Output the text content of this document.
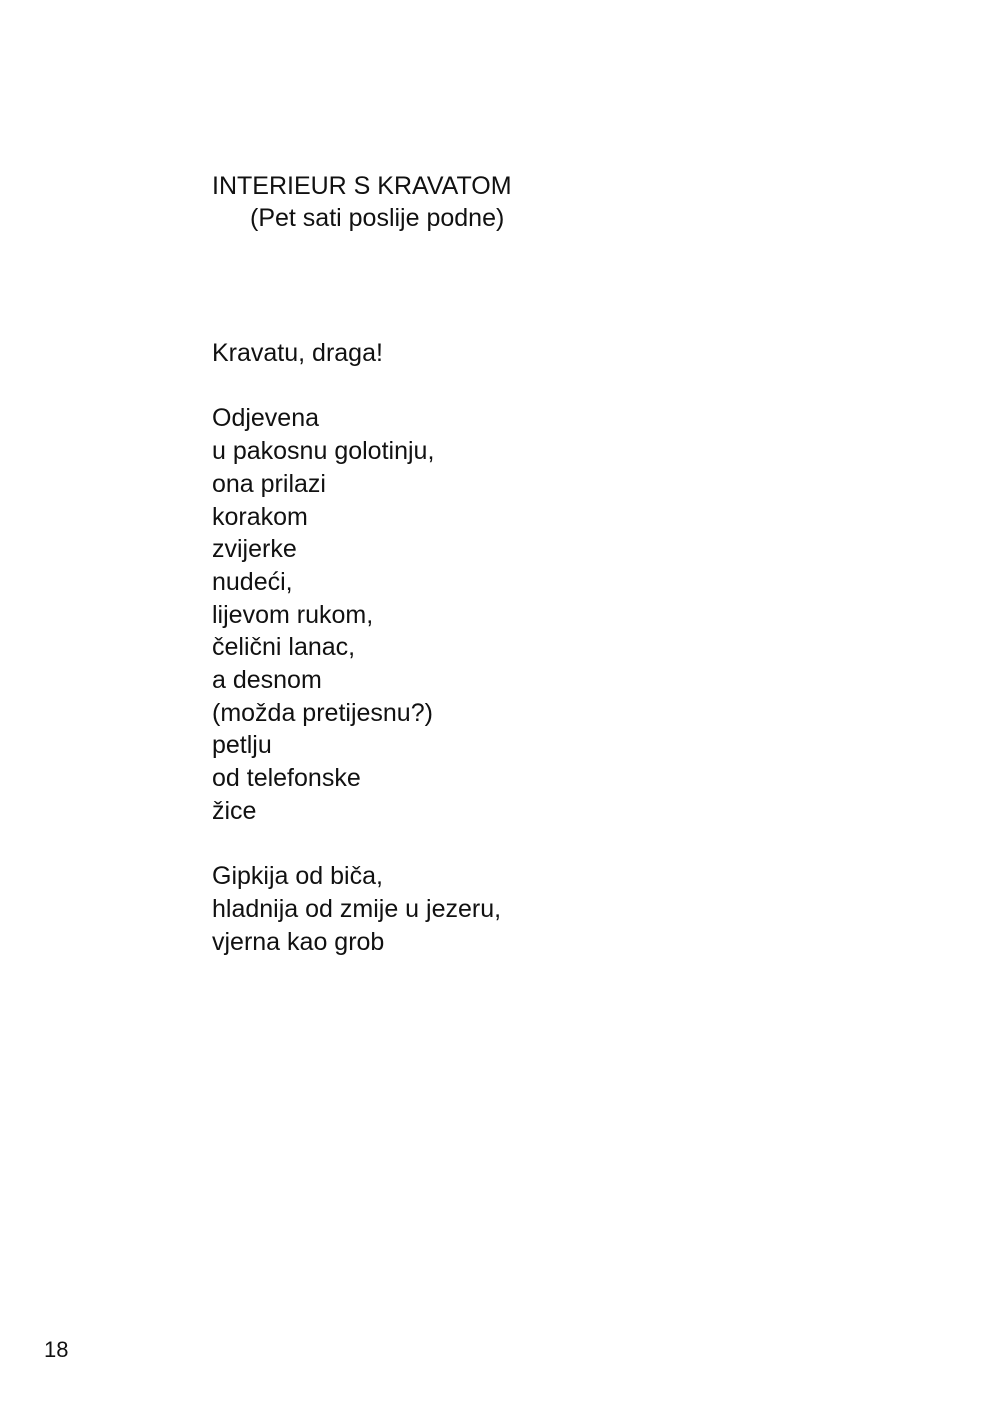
INTERIEUR S KRAVATOM
(Pet sati poslije podne)
Kravatu, draga!
Odjevena
u pakosnu golotinju,
ona prilazi
korakom
zvijerke
nudeći,
lijevom rukom,
čelični lanac,
a desnom
(možda pretijesnu?)
petlju
od telefonske
žice
Gipkija od biča,
hladnija od zmije u jezeru,
vjerna kao grob
18
